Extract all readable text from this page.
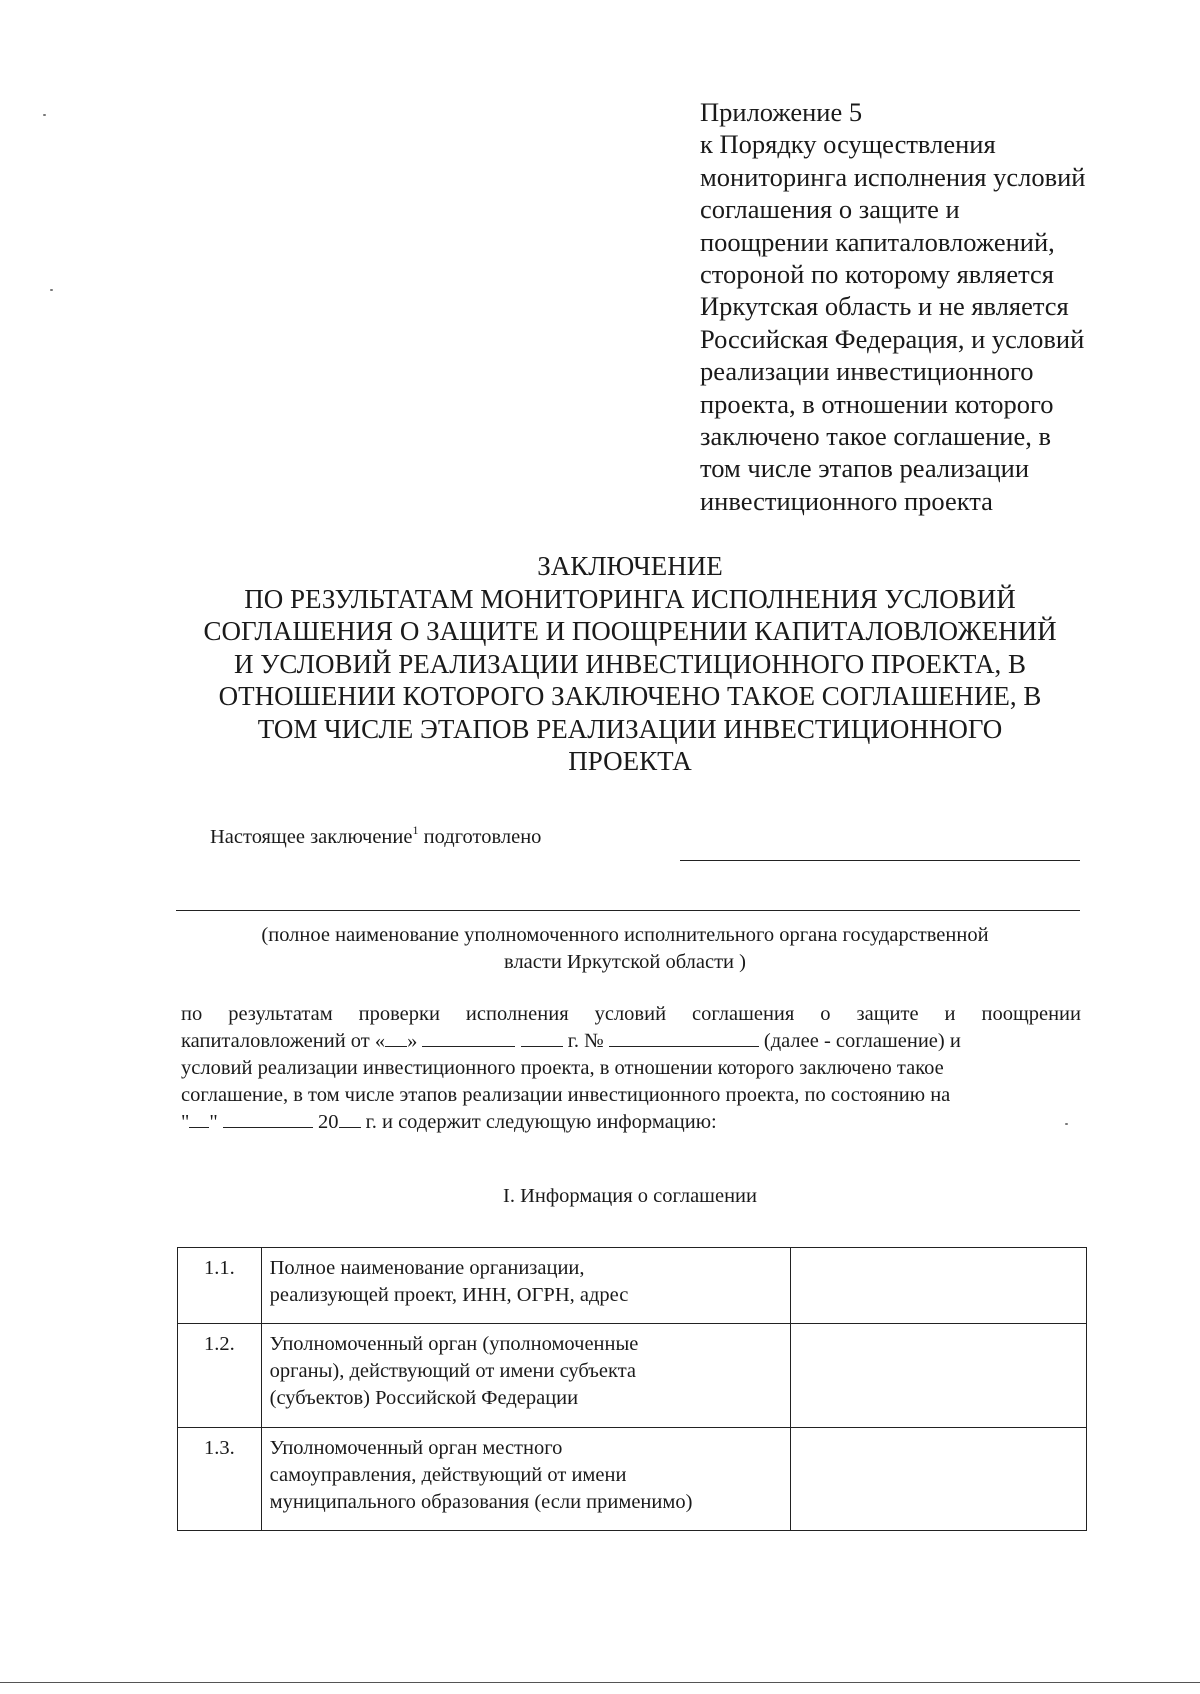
Приложение 5
к Порядку осуществления
мониторинга исполнения условий
соглашения о защите и
поощрении капиталовложений,
стороной по которому является
Иркутская область и не является
Российская Федерация, и условий
реализации инвестиционного
проекта, в отношении которого
заключено такое соглашение, в
том числе этапов реализации
инвестиционного проекта
ЗАКЛЮЧЕНИЕ
ПО РЕЗУЛЬТАТАМ МОНИТОРИНГА ИСПОЛНЕНИЯ УСЛОВИЙ
СОГЛАШЕНИЯ О ЗАЩИТЕ И ПООЩРЕНИИ КАПИТАЛОВЛОЖЕНИЙ
И УСЛОВИЙ РЕАЛИЗАЦИИ ИНВЕСТИЦИОННОГО ПРОЕКТА, В
ОТНОШЕНИИ КОТОРОГО ЗАКЛЮЧЕНО ТАКОЕ СОГЛАШЕНИЕ, В
ТОМ ЧИСЛЕ ЭТАПОВ РЕАЛИЗАЦИИ ИНВЕСТИЦИОННОГО
ПРОЕКТА
Настоящее заключение$^1$ подготовлено
(полное наименование уполномоченного исполнительного органа государственной
власти Иркутской области )
по результатам проверки исполнения условий соглашения о защите и поощрении
капиталовложений от « »	г. №	(далее - соглашение) и
условий реализации инвестиционного проекта, в отношении которого заключено такое
соглашение, в том числе этапов реализации инвестиционного проекта, по состоянию на
" "	20 г. и содержит следующую информацию:
I. Информация о соглашении
1.1.	Полное наименование организации,
реализующей проект, ИНН, ОГРН, адрес	

1.2.	Уполномоченный орган (уполномоченные
органы), действующий от имени субъекта
(субъектов) Российской Федерации	

1.3.	Уполномоченный орган местного
самоуправления, действующий от имени
муниципального образования (если применимо)	
